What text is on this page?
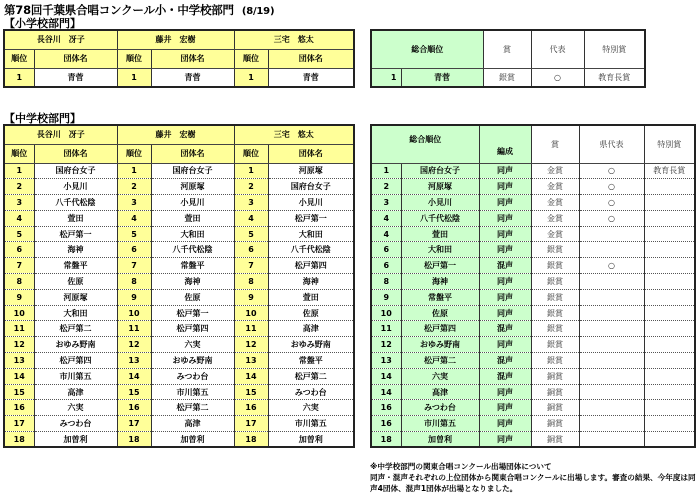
第78回千葉県合唱コンクール小・中学校部門 (8/19)
【小学校部門】
長谷川　冴子		藤井　宏樹		三宅　悠太	
順位	団体名	順位	団体名	順位	団体名
1	青菅	1	青菅	1	青菅
総合順位		賞	代表	特別賞
1	青菅	銀賞	○	教育長賞
【中学校部門】
長谷川　冴子		藤井　宏樹		三宅　悠太	
順位	団体名	順位	団体名	順位	団体名
1	国府台女子	1	国府台女子	1	河原塚
2	小見川	2	河原塚	2	国府台女子
3	八千代松陰	3	小見川	3	小見川
4	萱田	4	萱田	4	松戸第一
5	松戸第一	5	大和田	5	大和田
6	海神	6	八千代松陰	6	八千代松陰
7	常盤平	7	常盤平	7	松戸第四
8	佐原	8	海神	8	海神
9	河原塚	9	佐原	9	萱田
10	大和田	10	松戸第一	10	佐原
11	松戸第二	11	松戸第四	11	高津
12	おゆみ野南	12	六実	12	おゆみ野南
13	松戸第四	13	おゆみ野南	13	常盤平
14	市川第五	14	みつわ台	14	松戸第二
15	高津	15	市川第五	15	みつわ台
16	六実	16	松戸第二	16	六実
17	みつわ台	17	高津	17	市川第五
18	加曽利	18	加曽利	18	加曽利
総合順位		編成	賞	県代表	特別賞
1	国府台女子	同声	金賞	○	教育長賞
2	河原塚	同声	金賞	○	
3	小見川	同声	金賞	○	
4	八千代松陰	同声	金賞	○	
4	萱田	同声	金賞		
6	大和田	同声	銀賞		
6	松戸第一	混声	銀賞	○	
8	海神	同声	銀賞		
9	常盤平	同声	銀賞		
10	佐原	同声	銀賞		
11	松戸第四	混声	銀賞		
12	おゆみ野南	同声	銀賞		
13	松戸第二	混声	銀賞		
14	六実	混声	銅賞		
14	高津	同声	銅賞		
16	みつわ台	同声	銅賞		
16	市川第五	同声	銅賞		
18	加曽利	同声	銅賞		
※中学校部門の関東合唱コンクール出場団体について
同声・混声それぞれの上位団体から関東合唱コンクールに出場します。審査の結果、今年度は同声4団体、混声1団体が出場となりました。
